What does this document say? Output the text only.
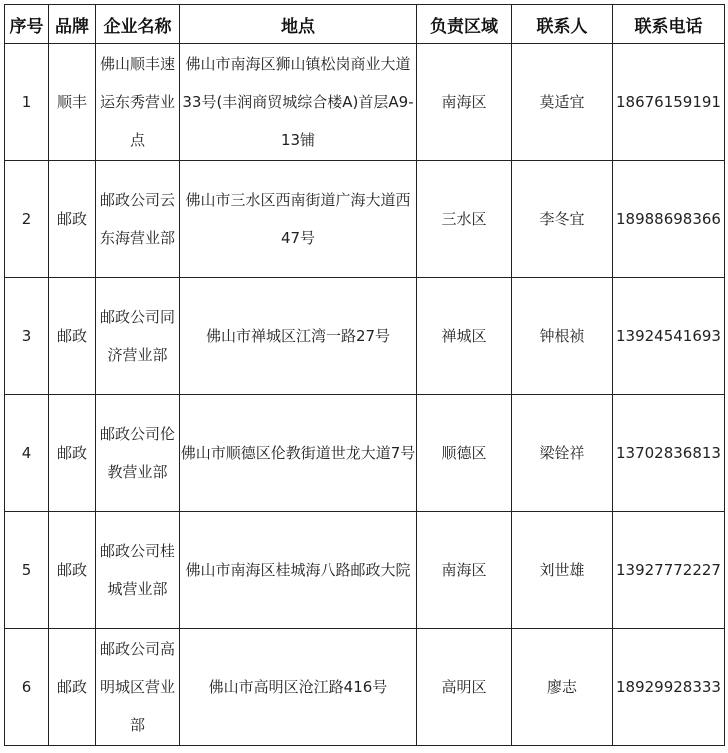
序号	品牌	企业名称	地点	负责区域	联系人	联系电话
1	顺丰	佛山顺丰速运东秀营业点	佛山市南海区狮山镇松岗商业大道33号(丰润商贸城综合楼A)首层A9-13铺	南海区	莫适宜	18676159191
2	邮政	邮政公司云东海营业部	佛山市三水区西南街道广海大道西47号	三水区	李冬宜	18988698366
3	邮政	邮政公司同济营业部	佛山市禅城区江湾一路27号	禅城区	钟根祯	13924541693
4	邮政	邮政公司伦教营业部	佛山市顺德区伦教街道世龙大道7号	顺德区	梁铨祥	13702836813
5	邮政	邮政公司桂城营业部	佛山市南海区桂城海八路邮政大院	南海区	刘世雄	13927772227
6	邮政	邮政公司高明城区营业部	佛山市高明区沧江路416号	高明区	廖志	18929928333
